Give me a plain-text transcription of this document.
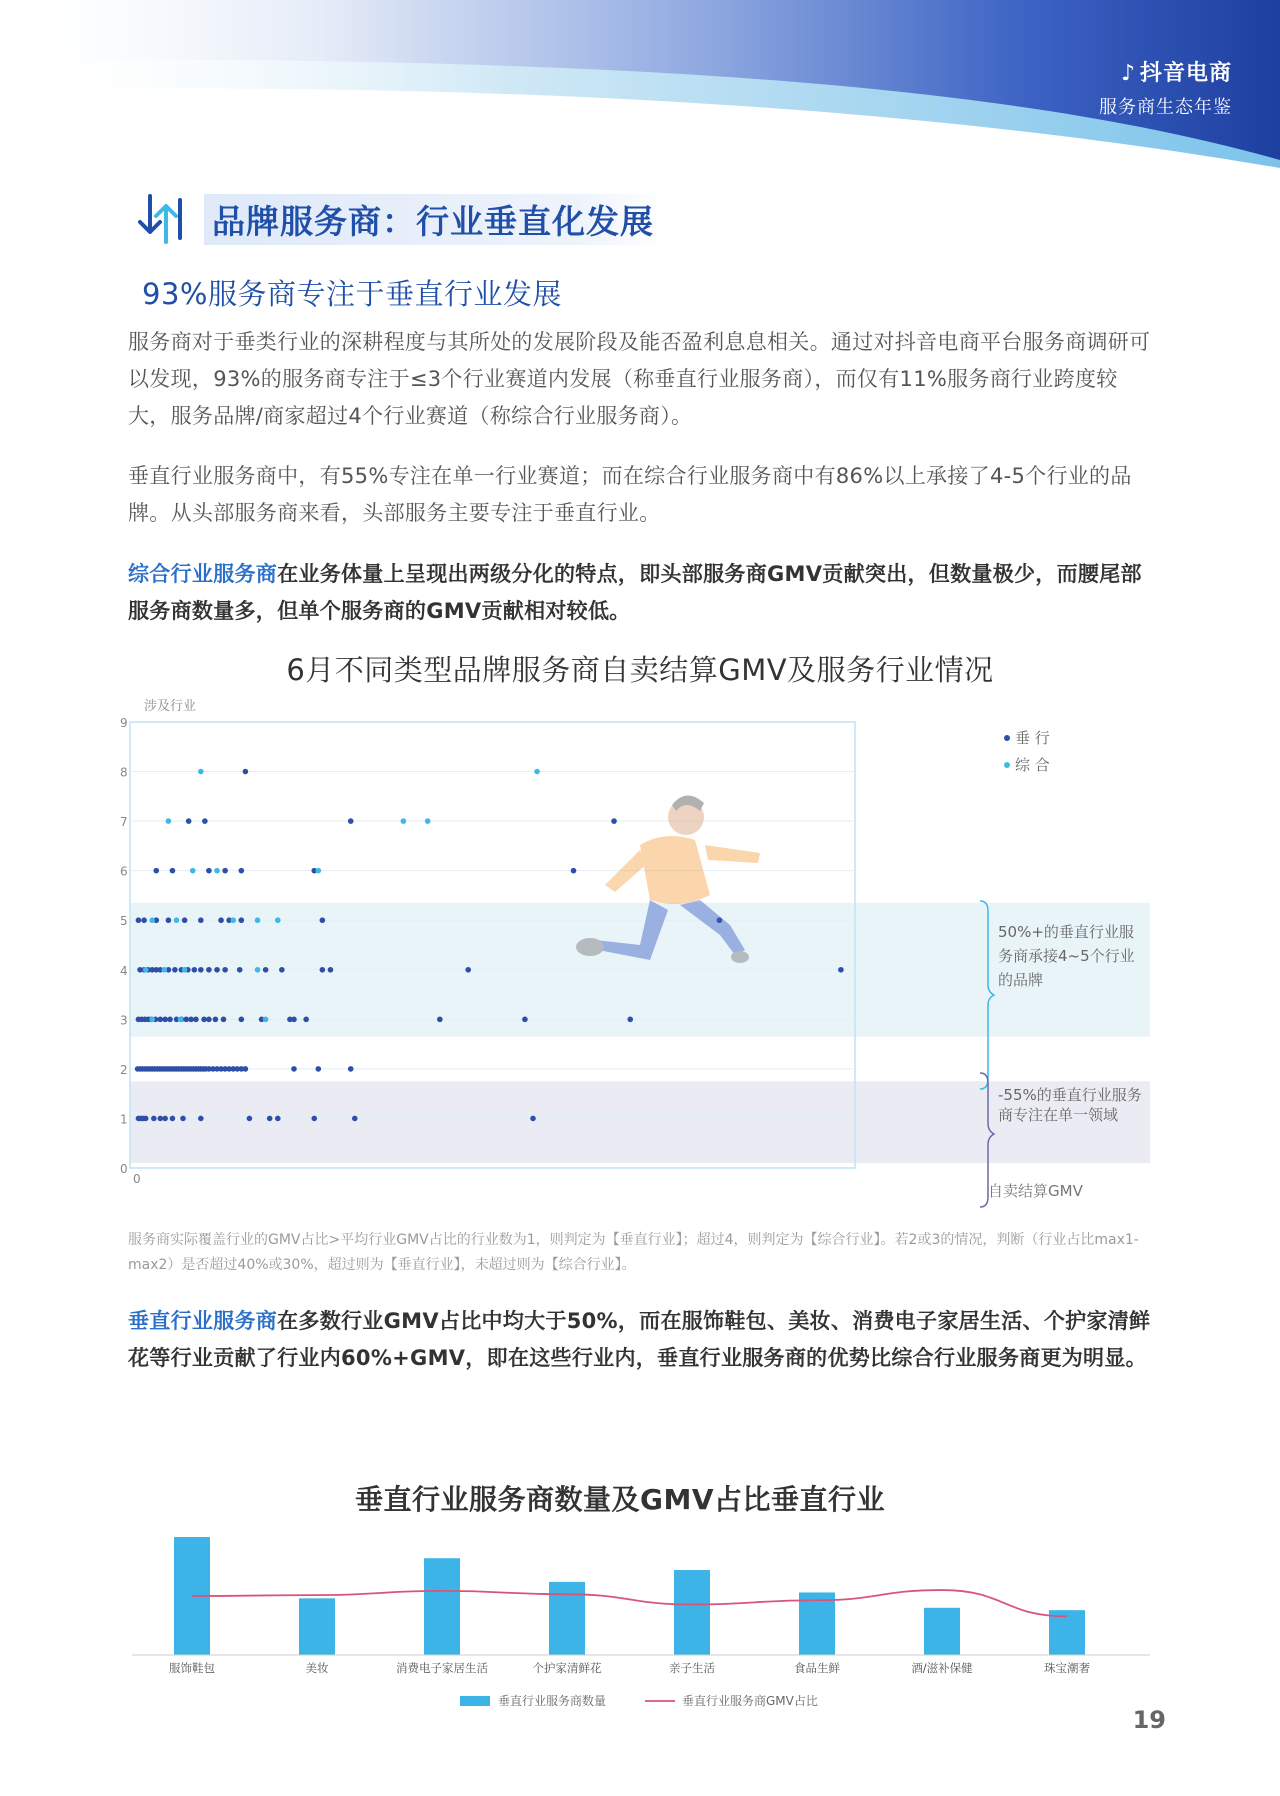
♪ 抖音电商
服务商生态年鉴
品牌服务商：行业垂直化发展
93%服务商专注于垂直行业发展
服务商对于垂类行业的深耕程度与其所处的发展阶段及能否盈利息息相关。通过对抖音电商平台服务商调研可以发现，93%的服务商专注于≤3个行业赛道内发展（称垂直行业服务商），而仅有11%服务商行业跨度较大，服务品牌/商家超过4个行业赛道（称综合行业服务商）。
垂直行业服务商中，有55%专注在单一行业赛道；而在综合行业服务商中有86%以上承接了4-5个行业的品牌。从头部服务商来看，头部服务主要专注于垂直行业。
综合行业服务商在业务体量上呈现出两级分化的特点，即头部服务商GMV贡献突出，但数量极少，而腰尾部服务商数量多，但单个服务商的GMV贡献相对较低。
6月不同类型品牌服务商自卖结算GMV及服务行业情况
0
1
2
3
4
5
6
7
8
9
0
涉及行业
自卖结算GMV
垂 行
综 合
50%+的垂直行业服务商承接4~5个行业的品牌
-55%的垂直行业服务商专注在单一领域
服务商实际覆盖行业的GMV占比>平均行业GMV占比的行业数为1，则判定为【垂直行业】；超过4，则判定为【综合行业】。若2或3的情况，判断（行业占比max1-max2）是否超过40%或30%，超过则为【垂直行业】，未超过则为【综合行业】。
垂直行业服务商在多数行业GMV占比中均大于50%，而在服饰鞋包、美妆、消费电子家居生活、个护家清鲜花等行业贡献了行业内60%+GMV，即在这些行业内，垂直行业服务商的优势比综合行业服务商更为明显。
垂直行业服务商数量及GMV占比垂直行业
服饰鞋包	美妆	消费电子家居生活	个护家清鲜花	亲子生活	食品生鲜	酒/滋补保健	珠宝潮奢
垂直行业服务商数量	垂直行业服务商GMV占比
19
